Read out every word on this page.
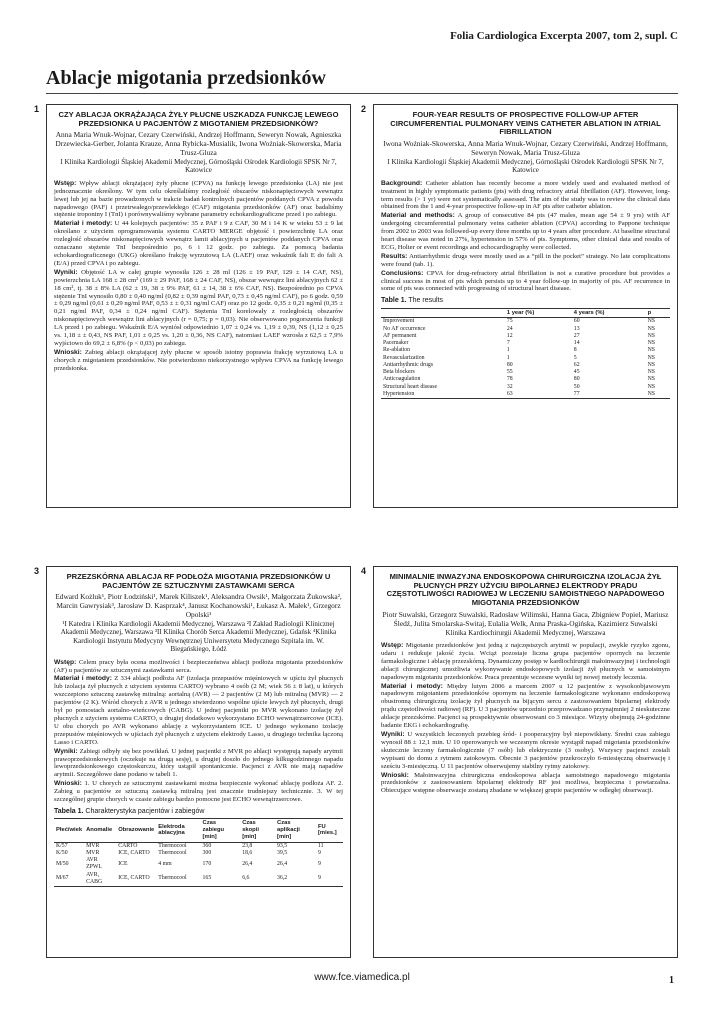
Folia Cardiologica Excerpta 2007, tom 2, supl. C
Ablacje migotania przedsionków
1
CZY ABLACJA OKRĄŻAJĄCA ŻYŁY PŁUCNE USZKADZA FUNKCJĘ LEWEGO PRZEDSIONKA U PACJENTÓW Z MIGOTANIEM PRZEDSIONKÓW?
Anna Maria Wnuk-Wojnar, Cezary Czerwiński, Andrzej Hoffmann, Seweryn Nowak, Agnieszka Drzewiecka-Gerber, Jolanta Krauze, Anna Rybicka-Musialik, Iwona Woźniak-Skowerska, Maria Trusz-Gluza
I Klinika Kardiologii Śląskiej Akademii Medycznej, Górnośląski Ośrodek Kardiologii SPSK Nr 7, Katowice

Wstęp: Wpływ ablacji okrążającej żyły płucne (CPVA) na funkcję lewego przedsionka (LA) nie jest jednoznacznie określony. W tym celu określaliśmy rozległość obszarów niskonapięciowych wewnątrz lewej lub jej na bazie prowadzonych w trakcie badań kontrolnych pacjentów poddanych CPVA z powodu napadowego (PAF) i przetrwałego/przewlekłego (CAF) migotania przedsionków (AF) oraz badaliśmy stężenie troponiny I (TnI) i porównywaliśmy wybrane parametry echokardiograficzne przed i po zabiegu.

Materiał i metody: U 44 kolejnych pacjentów: 35 z PAF i 9 z CAF, 30 M i 14 K w wieku 53 ± 9 lat określano z użyciem oprogramowania systemu CARTO MERGE objętość i powierzchnię LA oraz rozległość obszarów niskonapięciowych wewnątrz lamii ablacyjnych u pacjentów poddanych CPVA oraz oznaczano stężenie TnI bezpośrednio po, 6 i 12 godz. po zabiegu. Za pomocą badania echokardiograficznego (UKG) określano frakcję wyrzutową LA (LAEF) oraz wskaźnik fali E do fali A (E/A) przed CPVA i po zabiegu.

Wyniki: Objętość LA w całej grupie wynosiła 126 ± 28 ml (126 ± 19 PAF, 129 ± 14 CAF, NS), powierzchnia LA 168 ± 28 cm² (169 ± 29 PAF, 168 ± 24 CAF, NS), obszar wewnątrz lini ablacyjnych 62 ± 18 cm², tj. 38 ± 8% LA (62 ± 19, 38 ± 9% PAF, 61 ± 14, 38 ± 6% CAF, NS). Bezpośrednio po CPVA stężenie TnI wynosiło 0,80 ± 0,40 ng/ml (0,82 ± 0,39 ng/ml PAF, 0,73 ± 0,45 ng/ml CAF), po 6 godz. 0,59 ± 0,29 ng/ml (0,61 ± 0,29 ng/ml PAF, 0,53 ± ± 0,31 ng/ml CAF) oraz po 12 godz. 0,35 ± 0,21 ng/ml (0,35 ± 0,21 ng/ml PAF, 0,34 ± 0,24 ng/ml CAF). Stężenia TnI korelowały z rozległością obszarów niskonapięciowych wewnątrz lini ablacyjnych (r = 0,75; p = 0,03). Nie obserwowano pogorszenia funkcji LA przed i po zabiegu. Wskaźnik E/A wyniósł odpowiednio 1,07 ± 0,24 vs. 1,19 ± 0,39, NS (1,12 ± 0,25 vs. 1,18 ± ± 0,43, NS PAF, 1,01 ± 0,25 vs. 1,20 ± 0,36, NS CAF), natomiast LAEF wzrosła z 62,5 ± 7,9% wyjściowo do 69,2 ± 6,8% (p < 0,03) po zabiegu.

Wnioski: Zabieg ablacji okrążającej żyły płucne w sposób istotny poprawia frakcję wyrzutową LA u chorych z migotaniem przedsionków. Nie potwierdzono niekorzystnego wpływu CPVA na funkcję lewego przedsionka.

2
FOUR-YEAR RESULTS OF PROSPECTIVE FOLLOW-UP AFTER CIRCUMFERENTIAL PULMONARY VEINS CATHETER ABLATION IN ATRIAL FIBRILLATION
Iwona Woźniak-Skowerska, Anna Maria Wnuk-Wojnar, Cezary Czerwiński, Andrzej Hoffmann, Seweryn Nowak, Maria Trusz-Gluza
I Klinika Kardiologii Śląskiej Akademii Medycznej, Górnośląski Ośrodek Kardiologii SPSK Nr 7, Katowice

Background: Catheter ablation has recently become a more widely used and evaluated method of treatment in highly symptomatic patients (pts) with drug refractory atrial fibrillation (AF). However, long-term results (> 1 yr) were not systematically assessed. The aim of the study was to review the clinical data obtained from the 1 and 4-year prospective follow-up in AF pts after catheter ablation.

Material and methods: A group of consecutive 84 pts (47 males, mean age 54 ± 9 yrs) with AF undergoing circumferential pulmonary veins catheter ablation (CPVA) according to Pappone technique from 2002 to 2003 was followed-up every three months up to 4 years after procedure. At baseline structural heart disease was noted in 27%, hypertension in 57% of pts. Symptoms, other clinical data and results of ECG, Holter or event recordings and echocardiography were collected.

Results: Antiarrhythmic drugs were mostly used as a “pill in the pocket” strategy. No late complications were found (tab. 1).

Conclusions: CPVA for drug-refractory atrial fibrillation is not a curative procedure but provides a clinical success in most of pts which persists up to 4 year follow-up in majority of pts. AF recurrence in some of pts was connected with progressing of structural heart disease.

Table 1. The results
	1 year (%)	4 years (%)	p
Improvement	75	60	NS
No AF occurrence	24	13	NS
AF permanent	12	27	NS
Pacemaker	7	14	NS
Re-ablation	1	8	NS
Revascularization	1	5	NS
Antiarrhythmic drugs	80	62	NS
Beta blockers	55	45	NS
Anticoagulation	78	80	NS
Structural heart disease	32	50	NS
Hypertension	63	77	NS
3
PRZEZSKÓRNA ABLACJA RF PODŁOŻA MIGOTANIA PRZEDSIONKÓW U PACJENTÓW ZE SZTUCZNYMI ZASTAWKAMI SERCA
Edward Kożluk¹, Piotr Łodziński¹, Marek Kiliszek¹, Aleksandra Owsik¹, Małgorzata Żukowska², Marcin Gawrysiak³, Jarosław D. Kasprzak⁴, Janusz Kochanowski¹, Łukasz A. Małek¹, Grzegorz Opolski¹
¹I Katedra i Klinika Kardiologii Akademii Medycznej, Warszawa ²I Zakład Radiologii Klinicznej Akademii Medycznej, Warszawa ³II Klinika Chorób Serca Akademii Medycznej, Gdańsk ⁴Klinika Kardiologii Instytutu Medycyny Wewnętrznej Uniwersytetu Medycznego Szpitala im. W. Biegańskiego, Łódź

Wstęp: Celem pracy była ocena możliwości i bezpieczeństwa ablacji podłoża migotania przedsionków (AF) u pacjentów ze sztucznymi zastawkami serca.

Materiał i metody: Z 334 ablacji podłoża AF (izolacja przepustów mięśniowych w ujściu żył płucnych lub izolacja żył płucnych z użyciem systemu CARTO) wybrano 4 osób (2 M; wiek 56 ± 8 lat), u których wszczepiono sztuczną zastawkę mitralną: aortalną (AVR) — 2 pacjentów (2 M) lub mitralną (MVR) — 2 pacjentów (2 K). Wśród chorych z AVR u jednego stwierdzono wspólne ujście lewych żył płucnych, drugi był po pomostach aortalno-wieńcowych (CABG). U jednej pacjentki po MVR wykonano izolację żył płucnych z użyciem systemu CARTO, u drugiej dodatkowo wykorzystano ECHO wewnątrzsercowe (ICE). U obu chorych po AVR wykonano ablację z wykorzystaniem ICE. U jednego wykonano izolację przepustów mięśniowych w ujściach żył płucnych z użyciem elektrody Lasso, u drugiego technika łączoną Lasso i CARTO.

Wyniki: Zabiegi odbyły się bez powikłań. U jednej pacjentki z MVR po ablacji występują napady arytmii prawoprzedsionkowych (oczekuje na drugą sesję), u drugiej doszło do jednego kilkugodzinnego napadu lewoprzedsionkowego częstoskurczu, który ustąpił spontanicznie. Pacjenci z AVR nie mają napadów arytmii. Szczegółowe dane podano w tabeli 1.

Wnioski: 1. U chorych ze sztucznymi zastawkami można bezpiecznie wykonać ablację podłoża AF. 2. Zabieg u pacjentów ze sztuczną zastawką mitralną jest znacznie trudniejszy technicznie. 3. W tej szczególnej grupie chorych w czasie zabiegu bardzo pomocne jest ECHO wewnątrzsercowe.

Tabela 1. Charakterystyka pacjentów i zabiegów
Płeć/wiek	Anomalie	Obrazowanie	Elektroda ablacyjna	Czas zabiegu [min]	Czas skopii [min]	Czas aplikacji [min]	FU [mies.]
K/57	MVR	CARTO	Thermocool	360	23,8	93,5	11
K/50	MVR	ICE, CARTO	Thermocool	300	18,6	39,5	9
M/50	AVR ZPWL	ICE	4 mm	170	26,4	26,4	9
M/67	AVR, CABG	ICE, CARTO	Thermocool	165	6,6	36,2	9
4
MINIMALNIE INWAZYJNA ENDOSKOPOWA CHIRURGICZNA IZOLACJA ŻYŁ PŁUCNYCH PRZY UŻYCIU BIPOLARNEJ ELEKTRODY PRĄDU CZĘSTOTLIWOŚCI RADIOWEJ W LECZENIU SAMOISTNEGO NAPADOWEGO MIGOTANIA PRZEDSIONKÓW
Piotr Suwalski, Grzegorz Suwalski, Radosław Wilimski, Hanna Gaca, Zbigniew Popiel, Mariusz Śledź, Julita Smolarska-Switaj, Eulalia Welk, Anna Praska-Ogińska, Kazimierz Suwalski
Klinika Kardiochirurgii Akademii Medycznej, Warszawa

Wstęp: Migotanie przedsionków jest jedną z najczęstszych arytmii w populacji, zwykle ryzyko zgonu, udaru i redukuje jakość życia. Wciąż pozostaje liczna grupa pacjentów opornych na leczenie farmakologiczne i ablację przezskórną. Dynamiczny postęp w kardiochirurgii małoinwazyjnej i technologii ablacji chirurgicznej umożliwia wykonywanie endoskopowych izolacji żył płucnych w samoistnym napadowym migotaniu przedsionków. Praca prezentuje wczesne wyniki tej nowej metody leczenia.

Materiał i metody: Między lutym 2006 a marcem 2007 u 12 pacjentów z wysokoobjawowym napadowym migotaniem przedsionków opornym na leczenie farmakologiczne wykonano endoskopową obustronną chirurgiczną izolację żył płucnych na bijącym sercu z zastosowaniem bipolarnej elektrody prądu częstotliwości radiowej (RF). U 3 pacjentów uprzednio przeprowadzano przynajmniej 2 nieskuteczne ablacje przezskórne. Pacjenci są prospektywnie obserwowani co 3 miesiące. Wizyty obejmują 24-godzinne badanie EKG i echokardiografię.

Wyniki: U wszystkich leczonych przebieg śród- i pooperacyjny był niepowikłany. Średni czas zabiegu wynosił 88 ± 12,1 min. U 10 operowanych we wczesnym okresie wystąpił napad migotania przedsionków skutecznie leczony farmakologicznie (7 osób) lub elektrycznie (3 osoby). Wszyscy pacjenci zostali wypisani do domu z rytmem zatokowym. Obecnie 3 pacjentów przekroczyło 6-miesięczną obserwację i sześciu 3-miesięczną. U 11 pacjentów obserwujemy stabilny rytmy zatokowy.

Wnioski: Małoinwazyjna chirurgiczna endoskopowa ablacja samoistnego napadowego migotania przedsionków z zastosowaniem bipolarnej elektrody RF jest możliwa, bezpieczna i powtarzalna. Obiecujące wstępne obserwacje zostaną zbadane w większej grupie pacjentów w odległej obserwacji.

www.fce.viamedica.pl	1
